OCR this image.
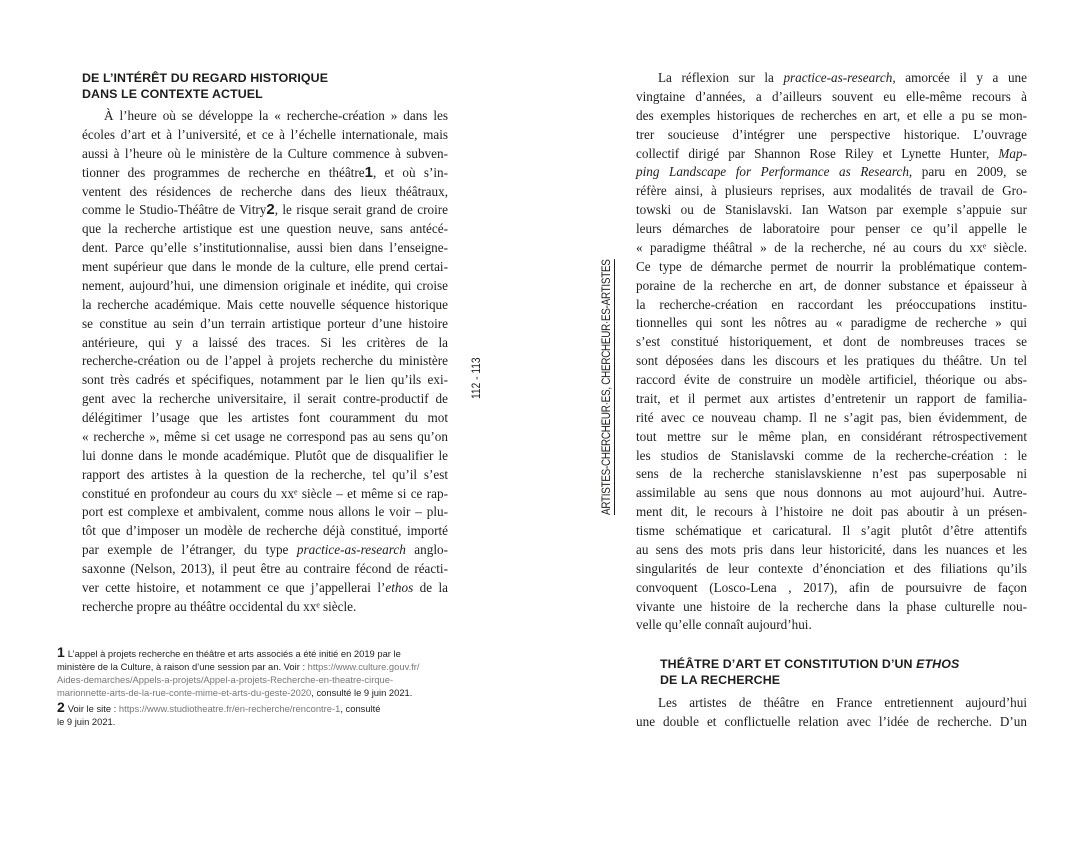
DE L’INTÉRÊT DU REGARD HISTORIQUE
DANS LE CONTEXTE ACTUEL
À l’heure où se développe la « recherche-création » dans les
écoles d’art et à l’université, et ce à l’échelle internationale, mais
aussi à l’heure où le ministère de la Culture commence à subven-
tionner des programmes de recherche en théâtre1, et où s’in-
ventent des résidences de recherche dans des lieux théâtraux,
comme le Studio-Théâtre de Vitry2, le risque serait grand de croire
que la recherche artistique est une question neuve, sans antécé-
dent. Parce qu’elle s’institutionnalise, aussi bien dans l’enseigne-
ment supérieur que dans le monde de la culture, elle prend certai-
nement, aujourd’hui, une dimension originale et inédite, qui croise
la recherche académique. Mais cette nouvelle séquence historique
se constitue au sein d’un terrain artistique porteur d’une histoire
antérieure, qui y a laissé des traces. Si les critères de la
recherche-création ou de l’appel à projets recherche du ministère
sont très cadrés et spécifiques, notamment par le lien qu’ils exi-
gent avec la recherche universitaire, il serait contre-productif de
délégitimer l’usage que les artistes font couramment du mot
« recherche », même si cet usage ne correspond pas au sens qu’on
lui donne dans le monde académique. Plutôt que de disqualifier le
rapport des artistes à la question de la recherche, tel qu’il s’est
constitué en profondeur au cours du xxᵉ siècle – et même si ce rap-
port est complexe et ambivalent, comme nous allons le voir – plu-
tôt que d’imposer un modèle de recherche déjà constitué, importé
par exemple de l’étranger, du type practice-as-research anglo-
saxonne (Nelson, 2013), il peut être au contraire fécond de réacti-
ver cette histoire, et notamment ce que j’appellerai l’ethos de la
recherche propre au théâtre occidental du xxᵉ siècle.
1 L’appel à projets recherche en théâtre et arts associés a été initié en 2019 par le
ministère de la Culture, à raison d’une session par an. Voir : https://www.culture.gouv.fr/
Aides-demarches/Appels-a-projets/Appel-a-projets-Recherche-en-theatre-cirque-
marionnette-arts-de-la-rue-conte-mime-et-arts-du-geste-2020, consulté le 9 juin 2021.
2 Voir le site : https://www.studiotheatre.fr/en-recherche/rencontre-1, consulté
le 9 juin 2021.
112 - 113	ARTISTES-CHERCHEUR·ES, CHERCHEUR·ES-ARTISTES
La réflexion sur la practice-as-research, amorcée il y a une
vingtaine d’années, a d’ailleurs souvent eu elle-même recours à
des exemples historiques de recherches en art, et elle a pu se mon-
trer soucieuse d’intégrer une perspective historique. L’ouvrage
collectif dirigé par Shannon Rose Riley et Lynette Hunter, Map-
ping Landscape for Performance as Research, paru en 2009, se
réfère ainsi, à plusieurs reprises, aux modalités de travail de Gro-
towski ou de Stanislavski. Ian Watson par exemple s’appuie sur
leurs démarches de laboratoire pour penser ce qu’il appelle le
« paradigme théâtral » de la recherche, né au cours du xxᵉ siècle.
Ce type de démarche permet de nourrir la problématique contem-
poraine de la recherche en art, de donner substance et épaisseur à
la recherche-création en raccordant les préoccupations institu-
tionnelles qui sont les nôtres au « paradigme de recherche » qui
s’est constitué historiquement, et dont de nombreuses traces se
sont déposées dans les discours et les pratiques du théâtre. Un tel
raccord évite de construire un modèle artificiel, théorique ou abs-
trait, et il permet aux artistes d’entretenir un rapport de familia-
rité avec ce nouveau champ. Il ne s’agit pas, bien évidemment, de
tout mettre sur le même plan, en considérant rétrospectivement
les studios de Stanislavski comme de la recherche-création : le
sens de la recherche stanislavskienne n’est pas superposable ni
assimilable au sens que nous donnons au mot aujourd’hui. Autre-
ment dit, le recours à l’histoire ne doit pas aboutir à un présen-
tisme schématique et caricatural. Il s’agit plutôt d’être attentifs
au sens des mots pris dans leur historicité, dans les nuances et les
singularités de leur contexte d’énonciation et des filiations qu’ils
convoquent (Losco-Lena , 2017), afin de poursuivre de façon
vivante une histoire de la recherche dans la phase culturelle nou-
velle qu’elle connaît aujourd’hui.
THÉÂTRE D’ART ET CONSTITUTION D’UN ETHOS
DE LA RECHERCHE
Les artistes de théâtre en France entretiennent aujourd’hui
une double et conflictuelle relation avec l’idée de recherche. D’un
